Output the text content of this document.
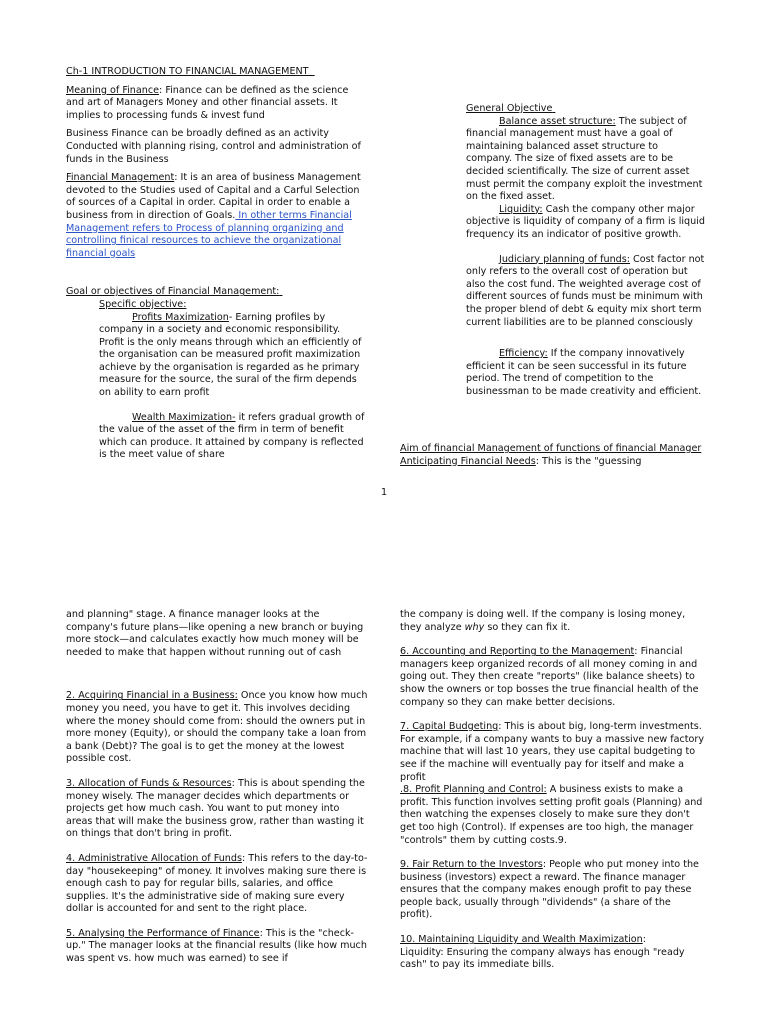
Ch-1 INTRODUCTION TO FINANCIAL MANAGEMENT

Meaning of Finance: Finance can be defined as the science and art of Managers Money and other financial assets. It implies to processing funds & invest fund

Business Finance can be broadly defined as an activity Conducted with planning rising, control and administration of funds in the Business

Financial Management: It is an area of business Management devoted to the Studies used of Capital and a Carful Selection of sources of a Capital in order. Capital in order to enable a business from in direction of Goals. In other terms Financial Management refers to Process of planning organizing and controlling finical resources to achieve the organizational financial goals

Goal or objectives of Financial Management:

Specific objective:

Profits Maximization- Earning profiles by company in a society and economic responsibility. Profit is the only means through which an efficiently of the organisation can be measured profit maximization achieve by the organisation is regarded as he primary measure for the source, the sural of the firm depends on ability to earn profit

Wealth Maximization- it refers gradual growth of the value of the asset of the firm in term of benefit which can produce. It attained by company is reflected is the meet value of share

General Objective

Balance asset structure: The subject of financial management must have a goal of maintaining balanced asset structure to company. The size of fixed assets are to be decided scientifically. The size of current asset must permit the company exploit the investment on the fixed asset.

Liquidity: Cash the company other major objective is liquidity of company of a firm is liquid frequency its an indicator of positive growth.

Judiciary planning of funds: Cost factor not only refers to the overall cost of operation but also the cost fund. The weighted average cost of different sources of funds must be minimum with the proper blend of debt & equity mix short term current liabilities are to be planned consciously

Efficiency: If the company innovatively efficient it can be seen successful in its future period. The trend of competition to the businessman to be made creativity and efficient.

Aim of financial Management of functions of financial Manager Anticipating Financial Needs: This is the "guessing

1

and planning" stage. A finance manager looks at the company's future plans—like opening a new branch or buying more stock—and calculates exactly how much money will be needed to make that happen without running out of cash

2. Acquiring Financial in a Business: Once you know how much money you need, you have to get it. This involves deciding where the money should come from: should the owners put in more money (Equity), or should the company take a loan from a bank (Debt)? The goal is to get the money at the lowest possible cost.

3. Allocation of Funds & Resources: This is about spending the money wisely. The manager decides which departments or projects get how much cash. You want to put money into areas that will make the business grow, rather than wasting it on things that don't bring in profit.

4. Administrative Allocation of Funds: This refers to the day-to-day "housekeeping" of money. It involves making sure there is enough cash to pay for regular bills, salaries, and office supplies. It's the administrative side of making sure every dollar is accounted for and sent to the right place.

5. Analysing the Performance of Finance: This is the "check-up." The manager looks at the financial results (like how much was spent vs. how much was earned) to see if

the company is doing well. If the company is losing money, they analyze why so they can fix it.

6. Accounting and Reporting to the Management: Financial managers keep organized records of all money coming in and going out. They then create "reports" (like balance sheets) to show the owners or top bosses the true financial health of the company so they can make better decisions.

7. Capital Budgeting: This is about big, long-term investments. For example, if a company wants to buy a massive new factory machine that will last 10 years, they use capital budgeting to see if the machine will eventually pay for itself and make a profit

.8. Profit Planning and Control: A business exists to make a profit. This function involves setting profit goals (Planning) and then watching the expenses closely to make sure they don't get too high (Control). If expenses are too high, the manager "controls" them by cutting costs.9.

9. Fair Return to the Investors: People who put money into the business (investors) expect a reward. The finance manager ensures that the company makes enough profit to pay these people back, usually through "dividends" (a share of the profit).

10. Maintaining Liquidity and Wealth Maximization:

Liquidity: Ensuring the company always has enough "ready cash" to pay its immediate bills.
